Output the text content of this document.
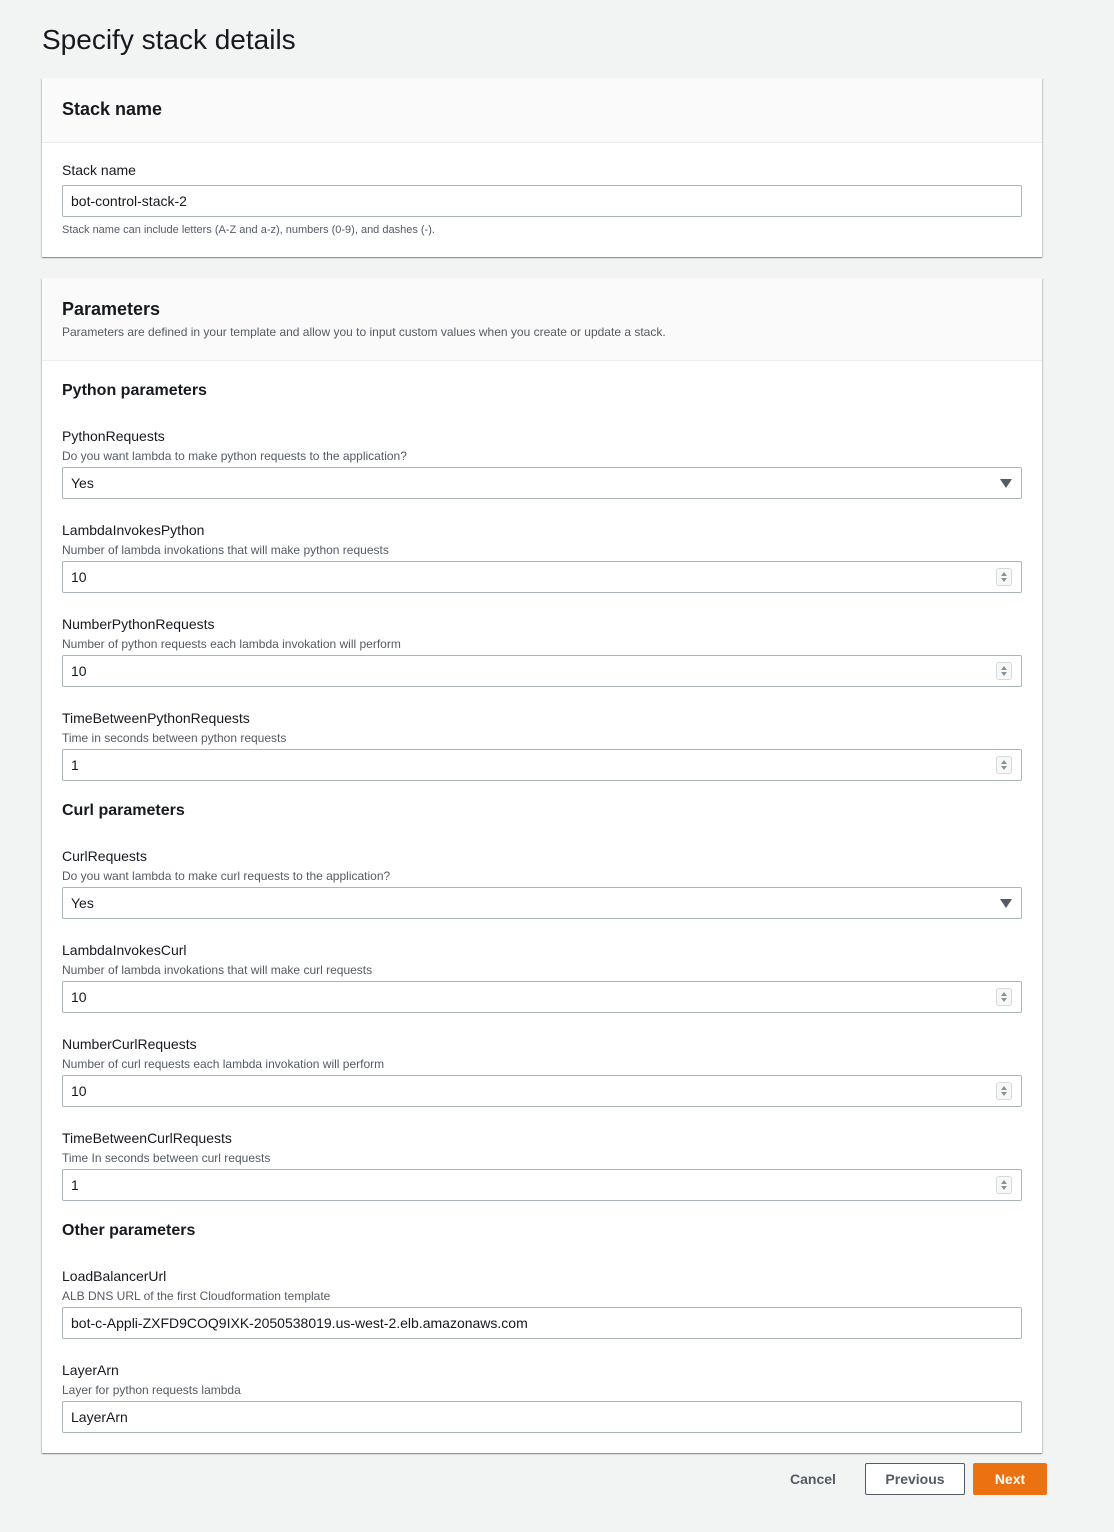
Specify stack details
Stack name
Stack name
bot-control-stack-2
Stack name can include letters (A-Z and a-z), numbers (0-9), and dashes (-).
Parameters
Parameters are defined in your template and allow you to input custom values when you create or update a stack.
Python parameters
PythonRequests
Do you want lambda to make python requests to the application?
Yes
LambdaInvokesPython
Number of lambda invokations that will make python requests
10
NumberPythonRequests
Number of python requests each lambda invokation will perform
10
TimeBetweenPythonRequests
Time in seconds between python requests
1
Curl parameters
CurlRequests
Do you want lambda to make curl requests to the application?
Yes
LambdaInvokesCurl
Number of lambda invokations that will make curl requests
10
NumberCurlRequests
Number of curl requests each lambda invokation will perform
10
TimeBetweenCurlRequests
Time In seconds between curl requests
1
Other parameters
LoadBalancerUrl
ALB DNS URL of the first Cloudformation template
bot-c-Appli-ZXFD9COQ9IXK-2050538019.us-west-2.elb.amazonaws.com
LayerArn
Layer for python requests lambda
LayerArn
Cancel	Previous	Next
